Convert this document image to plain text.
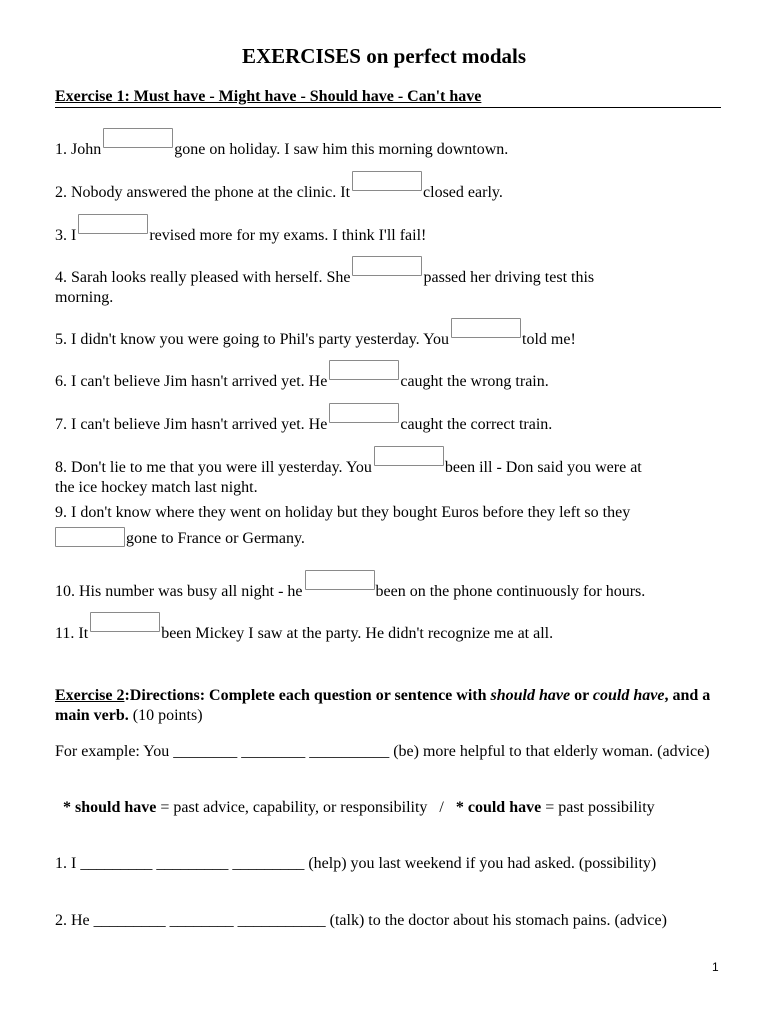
EXERCISES on perfect modals
Exercise 1: Must have - Might have - Should have - Can't have
1. John	gone on holiday. I saw him this morning downtown.
2. Nobody answered the phone at the clinic. It	closed early.
3. I	revised more for my exams. I think I'll fail!
4. Sarah looks really pleased with herself. She	passed her driving test this
morning.
5. I didn't know you were going to Phil's party yesterday. You	told me!
6. I can't believe Jim hasn't arrived yet. He	caught the wrong train.
7. I can't believe Jim hasn't arrived yet. He	caught the correct train.
8. Don't lie to me that you were ill yesterday. You	been ill - Don said you were at
the ice hockey match last night.
9. I don't know where they went on holiday but they bought Euros before they left so they
gone to France or Germany.
10. His number was busy all night - he	been on the phone continuously for hours.
11. It	been Mickey I saw at the party. He didn't recognize me at all.
Exercise 2:Directions: Complete each question or sentence with should have or could have, and a main verb. (10 points)
For example: You ________ ________ __________ (be) more helpful to that elderly woman. (advice)
* should have = past advice, capability, or responsibility   /   * could have = past possibility
1. I _________ _________ _________ (help) you last weekend if you had asked. (possibility)
2. He _________ ________ ___________ (talk) to the doctor about his stomach pains. (advice)
1
